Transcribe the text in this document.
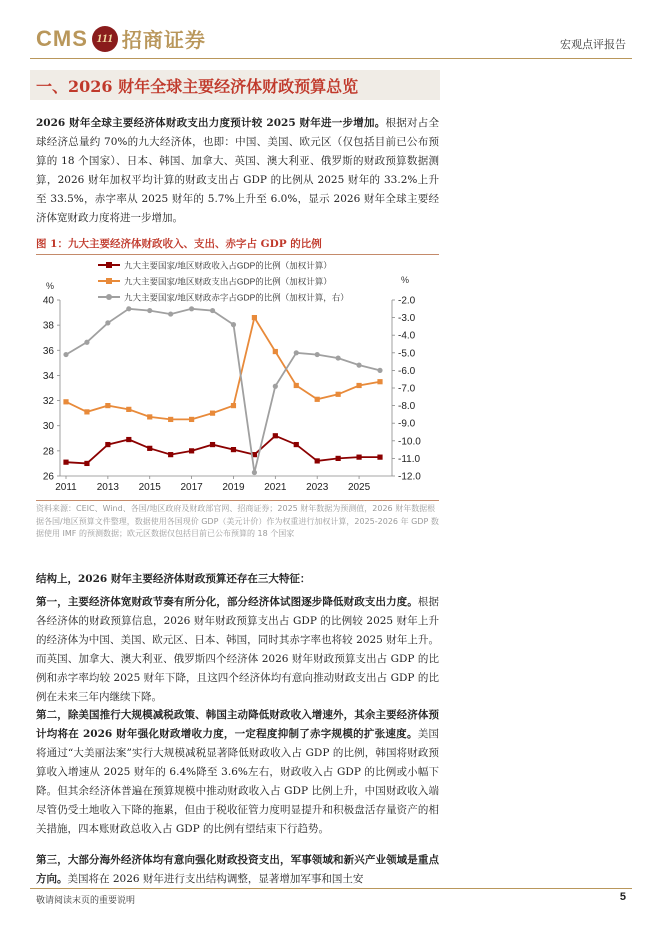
CMS 111 招商证券	宏观点评报告
一、2026 财年全球主要经济体财政预算总览

2026 财年全球主要经济体财政支出力度预计较 2025 财年进一步增加。根据对占全球经济总量约 70%的九大经济体，也即：中国、美国、欧元区（仅包括目前已公布预算的 18 个国家）、日本、韩国、加拿大、英国、澳大利亚、俄罗斯的财政预算数据测算，2026 财年加权平均计算的财政支出占 GDP 的比例从 2025 财年的 33.2%上升至 33.5%，赤字率从 2025 财年的 5.7%上升至 6.0%，显示 2026 财年全球主要经济体宽财政力度将进一步增加。

图 1：九大主要经济体财政收入、支出、赤字占 GDP 的比例
九大主要国家/地区财政收入占GDP的比例（加权计算）
九大主要国家/地区财政支出占GDP的比例（加权计算）
九大主要国家/地区财政赤字占GDP的比例（加权计算，右）
%
%
26
28
30
32
34
36
38
40	-2.0
-3.0
-4.0
-5.0
-6.0
-7.0
-8.0
-9.0
-10.0
-11.0
-12.0
2011 2013 2015 2017 2019 2021 2023 2025

资料来源：CEIC、Wind、各国/地区政府及财政部官网、招商证券；2025 财年数据为预测值，2026 财年数据根据各国/地区预算文件整理，数据使用各国现价 GDP（美元计价）作为权重进行加权计算，2025-2026 年 GDP 数据使用 IMF 的预测数据；欧元区数据仅包括目前已公布预算的 18 个国家

结构上，2026 财年主要经济体财政预算还存在三大特征：

第一，主要经济体宽财政节奏有所分化，部分经济体试图逐步降低财政支出力度。根据各经济体的财政预算信息，2026 财年财政预算支出占 GDP 的比例较 2025 财年上升的经济体为中国、美国、欧元区、日本、韩国，同时其赤字率也将较 2025 财年上升。而英国、加拿大、澳大利亚、俄罗斯四个经济体 2026 财年财政预算支出占 GDP 的比例和赤字率均较 2025 财年下降，且这四个经济体均有意向推动财政支出占 GDP 的比例在未来三年内继续下降。

第二，除美国推行大规模减税政策、韩国主动降低财政收入增速外，其余主要经济体预计均将在 2026 财年强化财政增收力度，一定程度抑制了赤字规模的扩张速度。美国将通过“大美丽法案”实行大规模减税显著降低财政收入占 GDP 的比例，韩国将财政预算收入增速从 2025 财年的 6.4%降至 3.6%左右，财政收入占 GDP 的比例或小幅下降。但其余经济体普遍在预算规模中推动财政收入占 GDP 比例上升，中国财政收入端尽管仍受土地收入下降的拖累，但由于税收征管力度明显提升和积极盘活存量资产的相关措施，四本账财政总收入占 GDP 的比例有望结束下行趋势。

第三，大部分海外经济体均有意向强化财政投资支出，军事领域和新兴产业领域是重点方向。美国将在 2026 财年进行支出结构调整，显著增加军事和国土安

敬请阅读末页的重要说明	5
